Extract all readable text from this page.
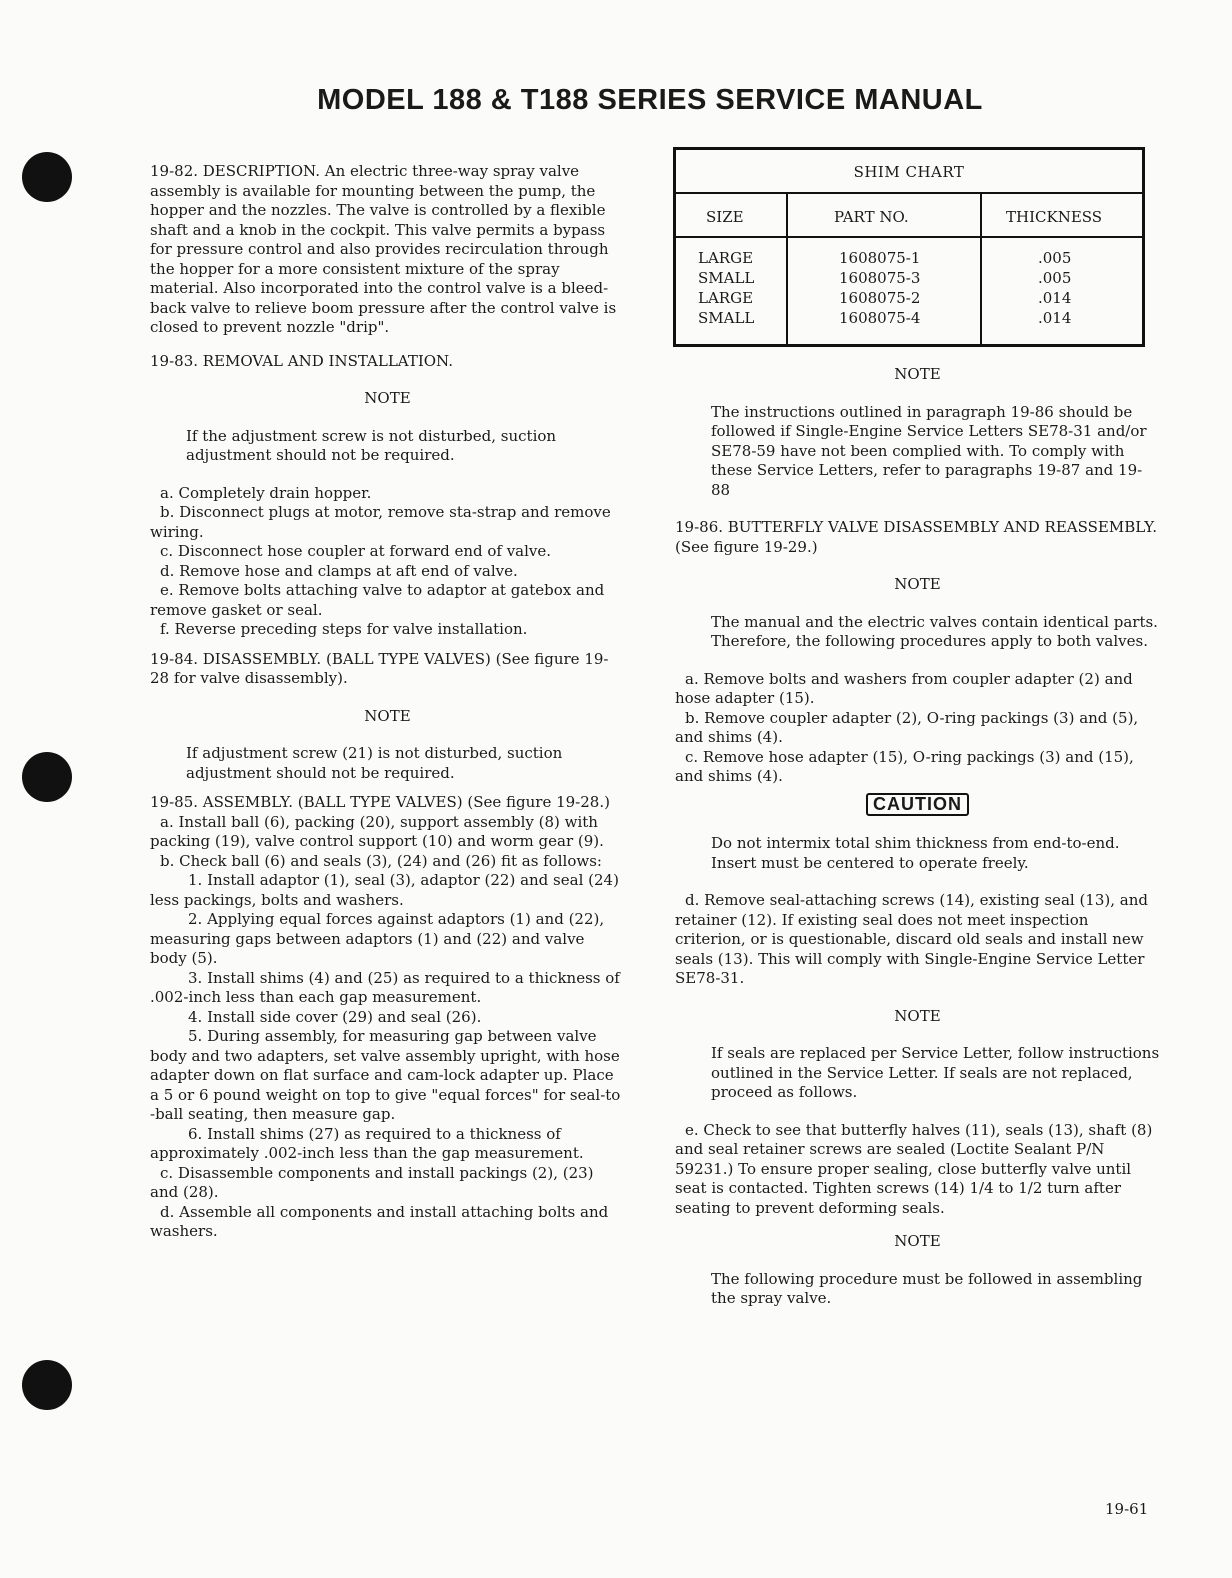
MODEL 188 & T188 SERIES SERVICE MANUAL

19-82. DESCRIPTION. An electric three-way spray valve assembly is available for mounting between the pump, the hopper and the nozzles. The valve is controlled by a flexible shaft and a knob in the cockpit. This valve permits a bypass for pressure control and also provides recirculation through the hopper for a more consistent mixture of the spray material. Also incorporated into the control valve is a bleed-back valve to relieve boom pressure after the control valve is closed to prevent nozzle "drip".

19-83. REMOVAL AND INSTALLATION.

NOTE

If the adjustment screw is not disturbed, suction adjustment should not be required.

a. Completely drain hopper.

b. Disconnect plugs at motor, remove sta-strap and remove wiring.

c. Disconnect hose coupler at forward end of valve.

d. Remove hose and clamps at aft end of valve.

e. Remove bolts attaching valve to adaptor at gatebox and remove gasket or seal.

f. Reverse preceding steps for valve installation.

19-84. DISASSEMBLY. (BALL TYPE VALVES) (See figure 19-28 for valve disassembly).

NOTE

If adjustment screw (21) is not disturbed, suction adjustment should not be required.

19-85. ASSEMBLY. (BALL TYPE VALVES) (See figure 19-28.)

a. Install ball (6), packing (20), support assembly (8) with packing (19), valve control support (10) and worm gear (9).

b. Check ball (6) and seals (3), (24) and (26) fit as follows:

1. Install adaptor (1), seal (3), adaptor (22) and seal (24) less packings, bolts and washers.

2. Applying equal forces against adaptors (1) and (22), measuring gaps between adaptors (1) and (22) and valve body (5).

3. Install shims (4) and (25) as required to a thickness of .002-inch less than each gap measurement.

4. Install side cover (29) and seal (26).

5. During assembly, for measuring gap between valve body and two adapters, set valve assembly upright, with hose adapter down on flat surface and cam-lock adapter up. Place a 5 or 6 pound weight on top to give "equal forces" for seal-to -ball seating, then measure gap.

6. Install shims (27) as required to a thickness of approximately .002-inch less than the gap measurement.

c. Disassemble components and install packings (2), (23) and (28).

d. Assemble all components and install attaching bolts and washers.

SHIM CHART
SIZE	PART NO.	THICKNESS
LARGE
SMALL
LARGE
SMALL
1608075-1
1608075-3
1608075-2
1608075-4
.005
.005
.014
.014

NOTE

The instructions outlined in paragraph 19-86 should be followed if Single-Engine Service Letters SE78-31 and/or SE78-59 have not been complied with. To comply with these Service Letters, refer to paragraphs 19-87 and 19-88

19-86. BUTTERFLY VALVE DISASSEMBLY AND REASSEMBLY. (See figure 19-29.)

NOTE

The manual and the electric valves contain identical parts. Therefore, the following procedures apply to both valves.

a. Remove bolts and washers from coupler adapter (2) and hose adapter (15).

b. Remove coupler adapter (2), O-ring packings (3) and (5), and shims (4).

c. Remove hose adapter (15), O-ring packings (3) and (15), and shims (4).

CAUTION

Do not intermix total shim thickness from end-to-end. Insert must be centered to operate freely.

d. Remove seal-attaching screws (14), existing seal (13), and retainer (12). If existing seal does not meet inspection criterion, or is questionable, discard old seals and install new seals (13). This will comply with Single-Engine Service Letter SE78-31.

NOTE

If seals are replaced per Service Letter, follow instructions outlined in the Service Letter. If seals are not replaced, proceed as follows.

e. Check to see that butterfly halves (11), seals (13), shaft (8) and seal retainer screws are sealed (Loctite Sealant P/N 59231.) To ensure proper sealing, close butterfly valve until seat is contacted. Tighten screws (14) 1/4 to 1/2 turn after seating to prevent deforming seals.

NOTE

The following procedure must be followed in assembling the spray valve.

19-61
